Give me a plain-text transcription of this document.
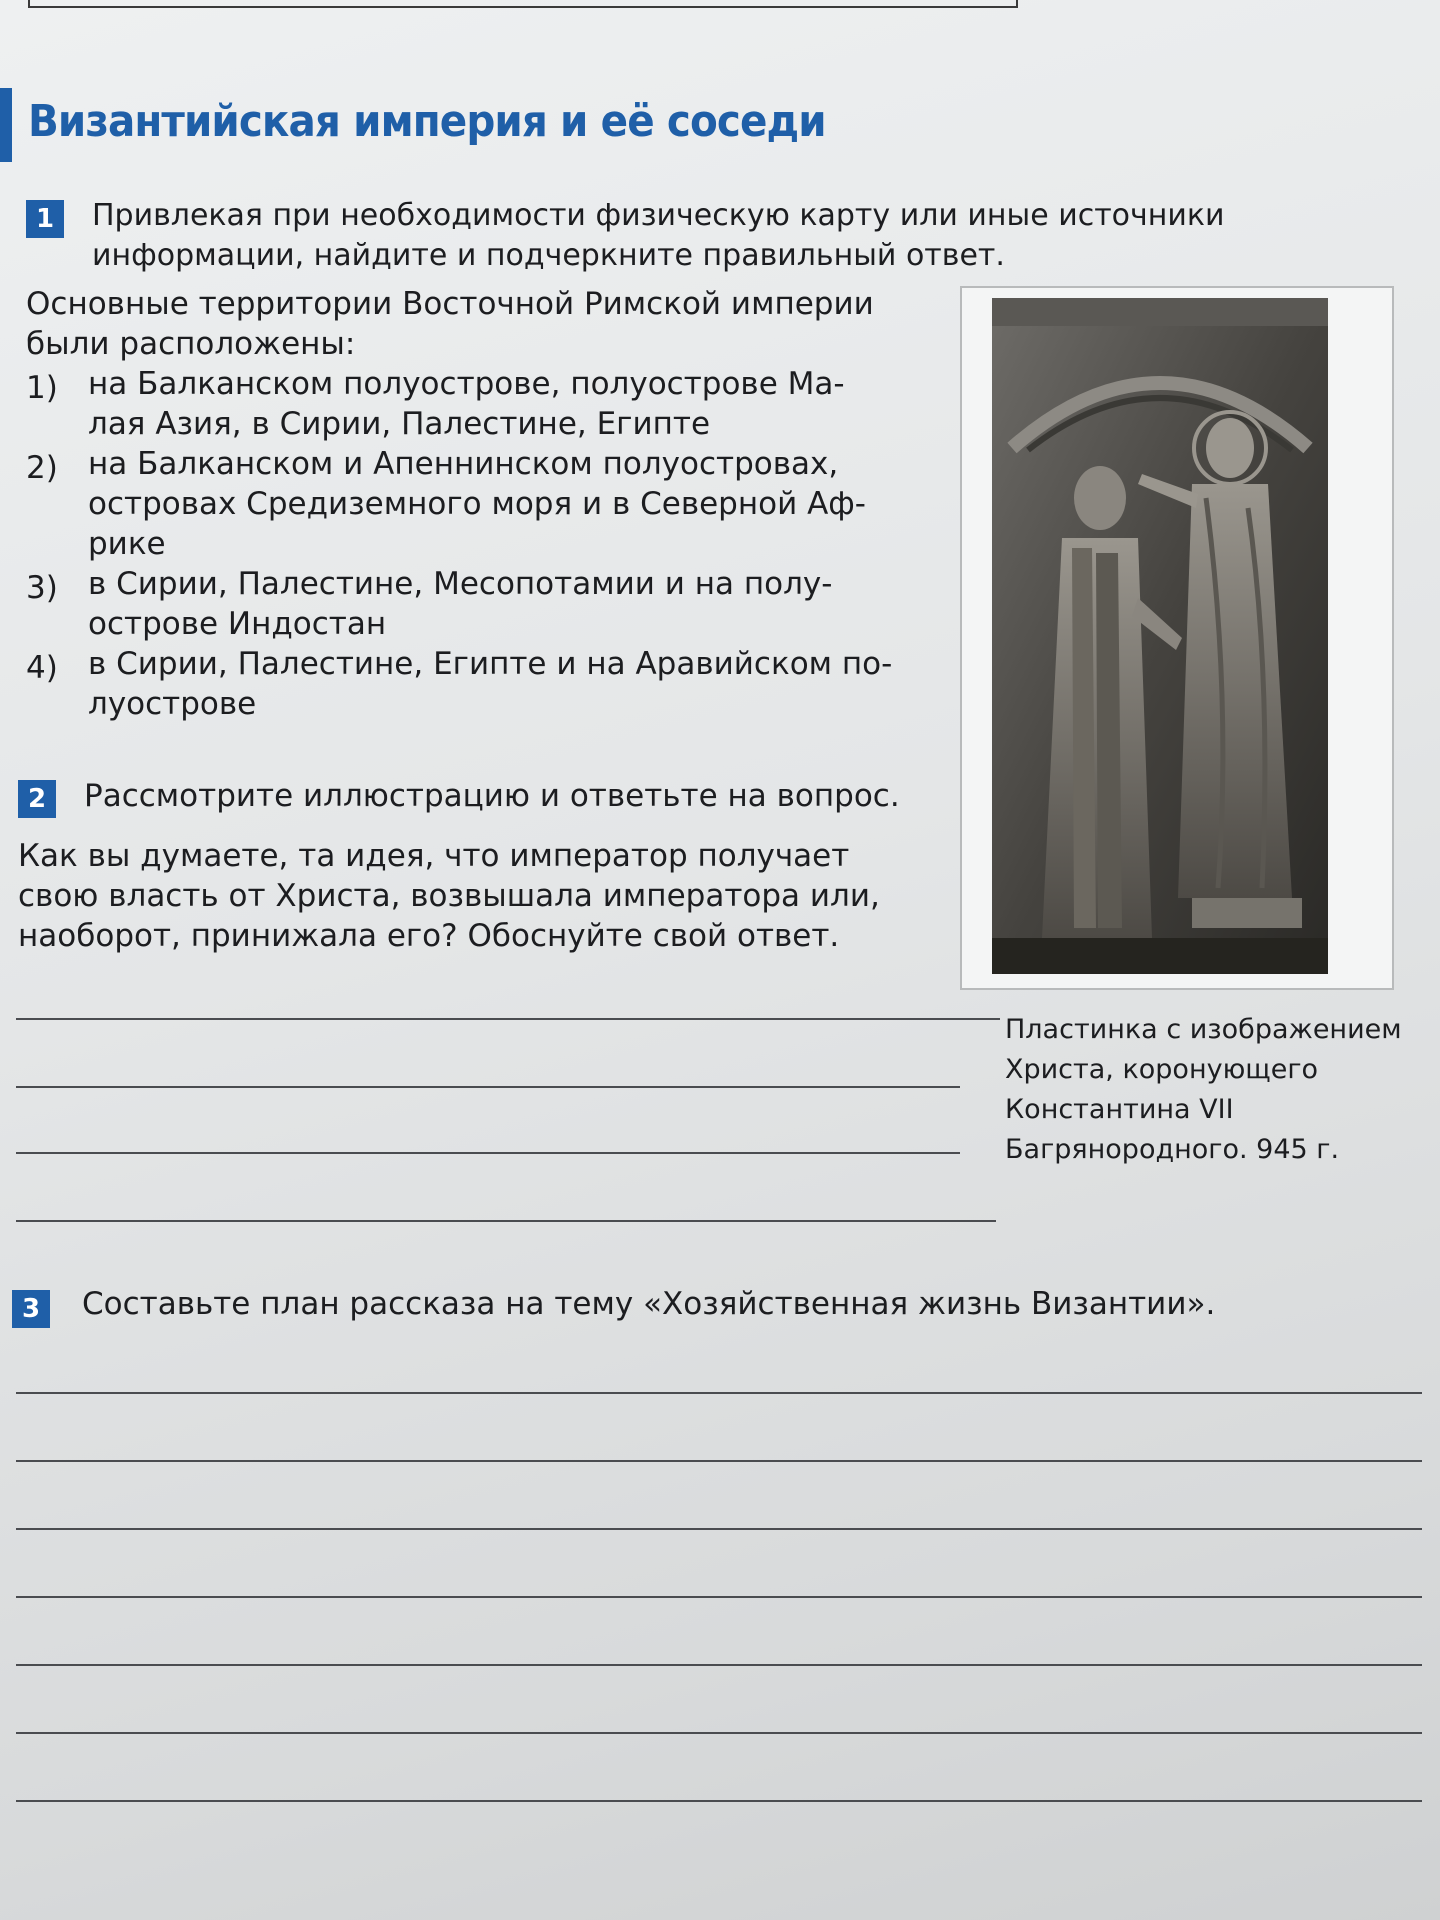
Византийская империя и её соседи
1	Привлекая при необходимости физическую карту или иные источники
информации, найдите и подчеркните правильный ответ.
Основные территории Восточной Римской империи
были расположены:
1) на Балканском полуострове, полуострове Ма-
лая Азия, в Сирии, Палестине, Египте
2) на Балканском и Апеннинском полуостровах,
островах Средиземного моря и в Северной Аф-
рике
3) в Сирии, Палестине, Месопотамии и на полу-
острове Индостан
4) в Сирии, Палестине, Египте и на Аравийском по-
луострове
2	Рассмотрите иллюстрацию и ответьте на вопрос.
Как вы думаете, та идея, что император получает
свою власть от Христа, возвышала императора или,
наоборот, принижала его? Обоснуйте свой ответ.
Пластинка с изображением
Христа, коронующего
Константина VII
Багрянородного. 945 г.
3	Составьте план рассказа на тему «Хозяйственная жизнь Византии».
